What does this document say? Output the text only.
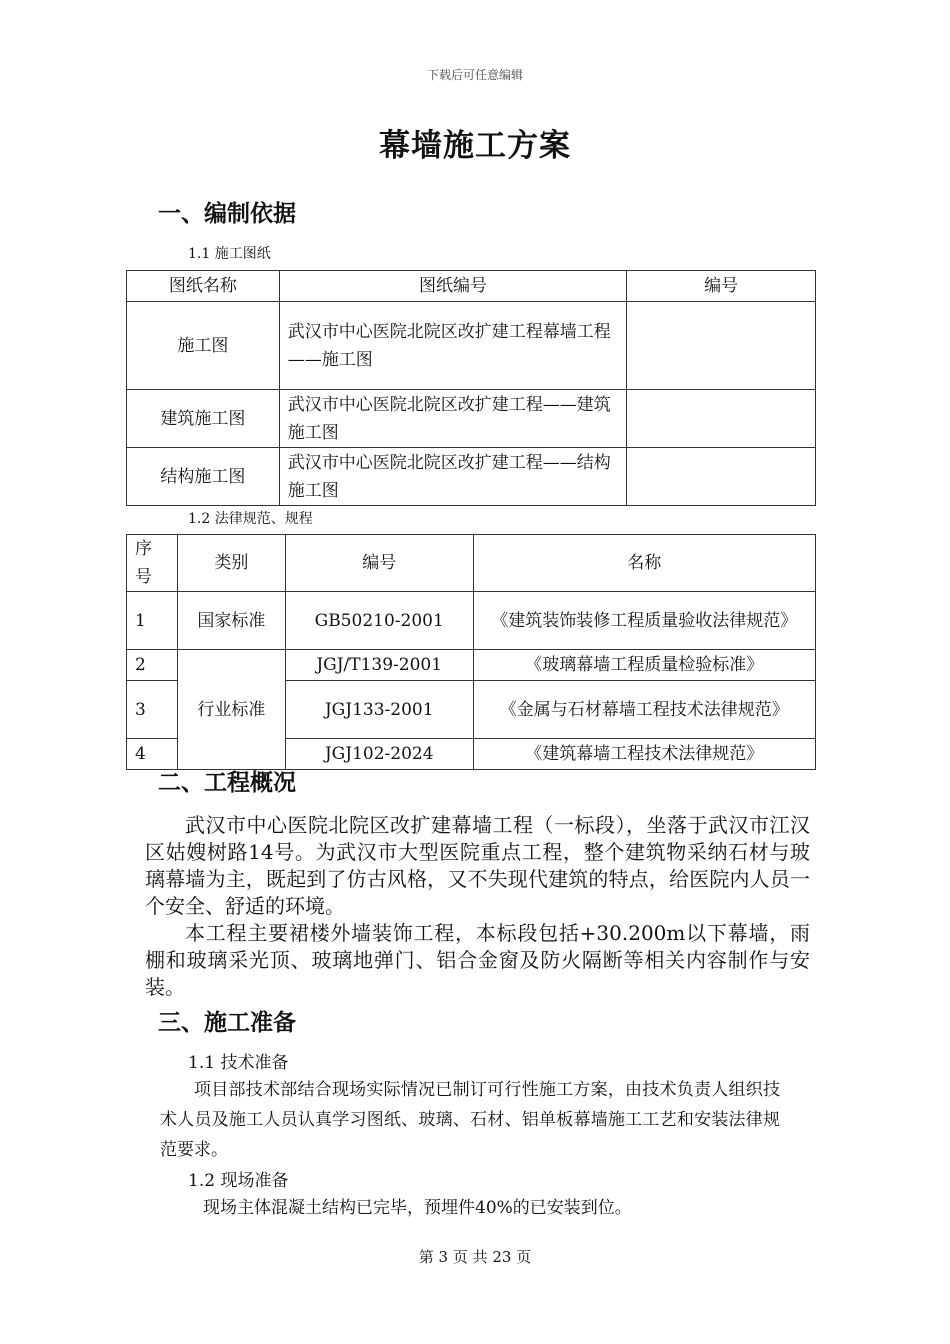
下载后可任意编辑
幕墙施工方案
一、编制依据
1.1 施工图纸
图纸名称	图纸编号	编号
施工图	武汉市中心医院北院区改扩建工程幕墙工程——施工图	
建筑施工图	武汉市中心医院北院区改扩建工程——建筑施工图	
结构施工图	武汉市中心医院北院区改扩建工程——结构施工图	
1.2 法律规范、规程
序号	类别	编号	名称
1	国家标准	GB50210-2001	《建筑装饰装修工程质量验收法律规范》
2	行业标准	JGJ/T139-2001	《玻璃幕墙工程质量检验标准》
3		JGJ133-2001	《金属与石材幕墙工程技术法律规范》
4		JGJ102-2024	《建筑幕墙工程技术法律规范》
二、工程概况

武汉市中心医院北院区改扩建幕墙工程（一标段），坐落于武汉市江汉区姑嫂树路14号。为武汉市大型医院重点工程，整个建筑物采纳石材与玻璃幕墙为主，既起到了仿古风格，又不失现代建筑的特点，给医院内人员一个安全、舒适的环境。

本工程主要裙楼外墙装饰工程，本标段包括+30.200m以下幕墙，雨棚和玻璃采光顶、玻璃地弹门、铝合金窗及防火隔断等相关内容制作与安装。

三、施工准备
1.1 技术准备
项目部技术部结合现场实际情况已制订可行性施工方案，由技术负责人组织技术人员及施工人员认真学习图纸、玻璃、石材、铝单板幕墙施工工艺和安装法律规范要求。
1.2 现场准备
现场主体混凝土结构已完毕，预埋件40%的已安装到位。
第 3 页 共 23 页
